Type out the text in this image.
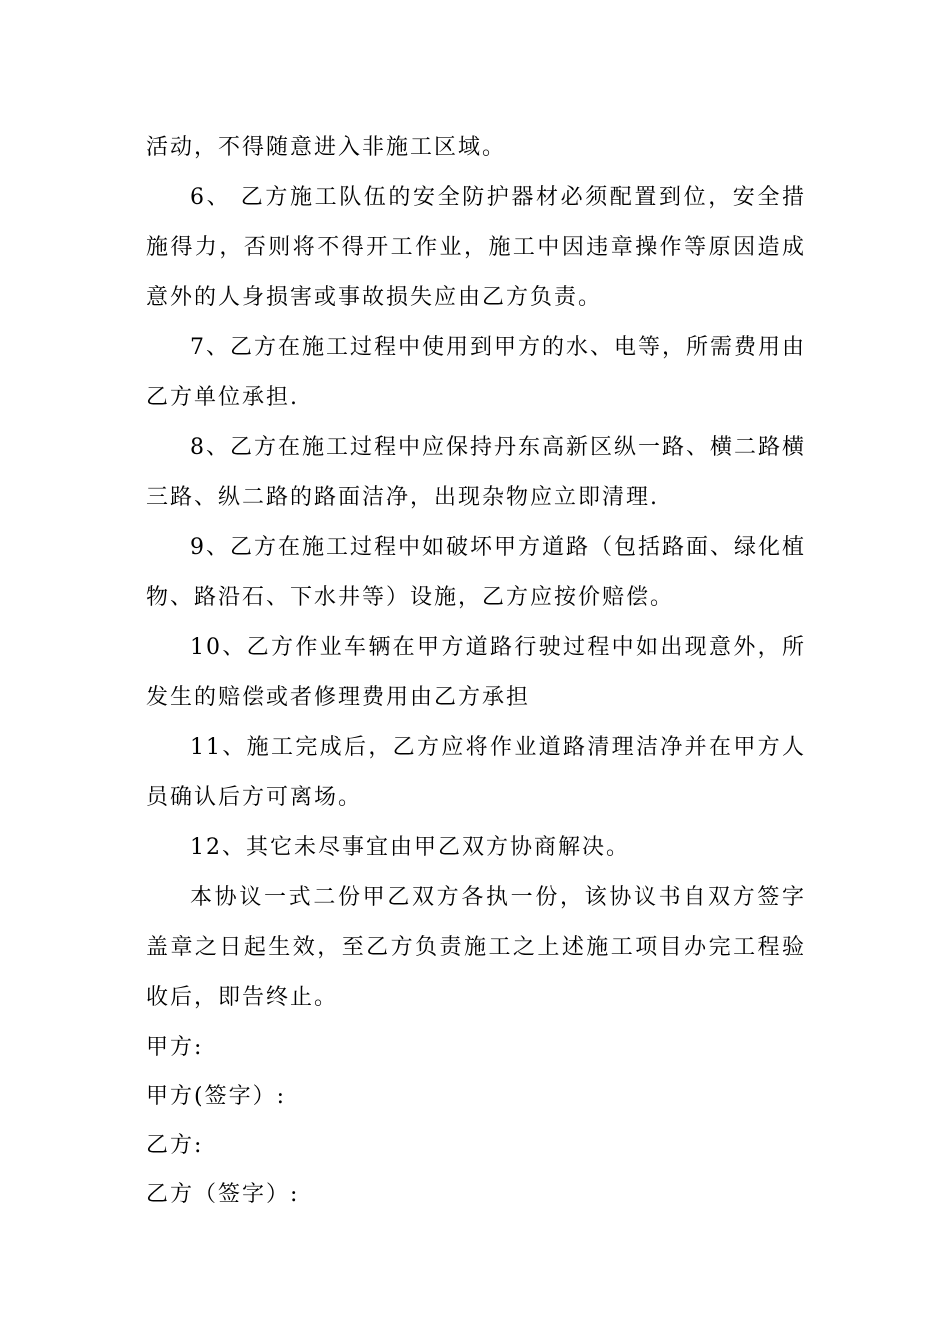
活动，不得随意进入非施工区域。

6、 乙方施工队伍的安全防护器材必须配置到位，安全措施得力，否则将不得开工作业，施工中因违章操作等原因造成意外的人身损害或事故损失应由乙方负责。

7、乙方在施工过程中使用到甲方的水、电等，所需费用由乙方单位承担.

8、乙方在施工过程中应保持丹东高新区纵一路、横二路横三路、纵二路的路面洁净，出现杂物应立即清理.

9、乙方在施工过程中如破坏甲方道路（包括路面、绿化植物、路沿石、下水井等）设施，乙方应按价赔偿。

10、乙方作业车辆在甲方道路行驶过程中如出现意外，所发生的赔偿或者修理费用由乙方承担

11、施工完成后，乙方应将作业道路清理洁净并在甲方人员确认后方可离场。

12、其它未尽事宜由甲乙双方协商解决。

本协议一式二份甲乙双方各执一份，该协议书自双方签字盖章之日起生效，至乙方负责施工之上述施工项目办完工程验收后，即告终止。

甲方:

甲方(签字）:

乙方:

乙方（签字）:
